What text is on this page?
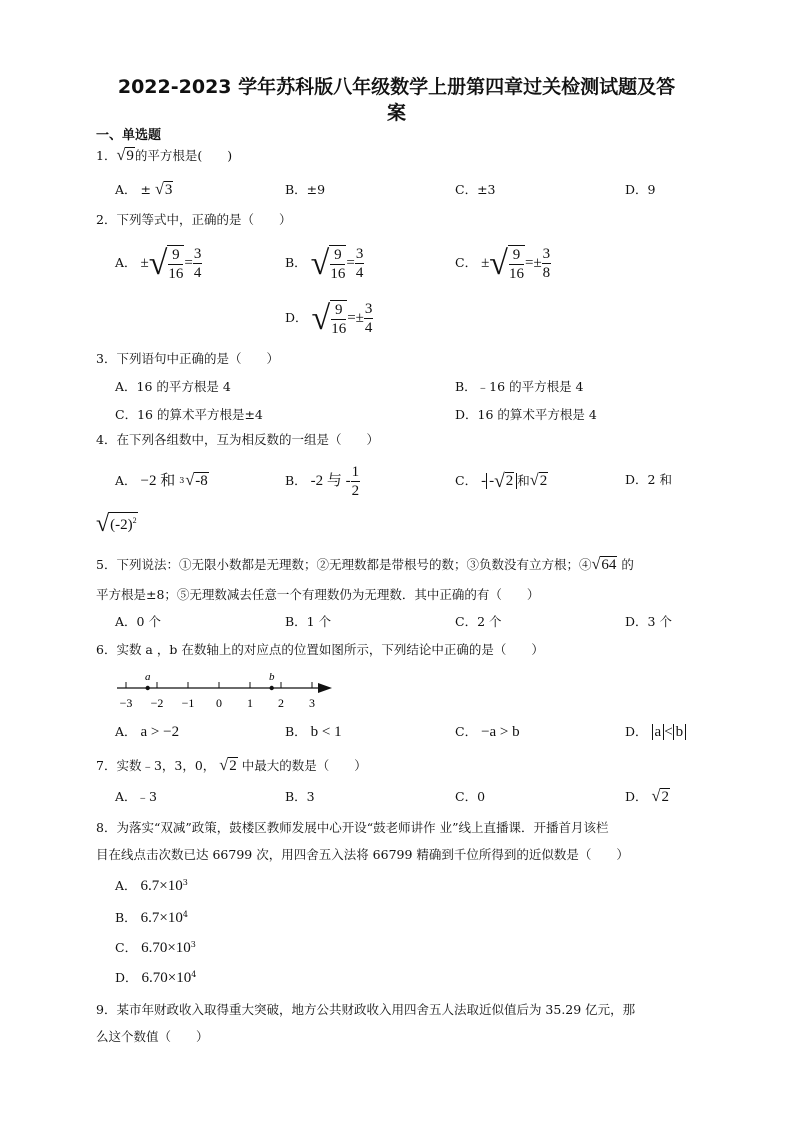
2022-2023 学年苏科版八年级数学上册第四章过关检测试题及答
案
一、单选题
1． √ 9 的平方根是(　　)
A． ± √ 3	B．±9	C．±3	D．9
2．下列等式中，正确的是（　　）
A． ± √ $\frac{9}{16} = \frac{3}{4}$	B． √ $\frac{9}{16} = \frac{3}{4}$	C． ± √ $\frac{9}{16} =\pm \frac{3}{8}$
D． √ $\frac{9}{16} =\pm \frac{3}{4}$
3．下列语句中正确的是（　　）
A．16 的平方根是 4	B．﹣16 的平方根是 4
C．16 的算术平方根是±4	D．16 的算术平方根是 4
4．在下列各组数中，互为相反数的一组是（　　）
A． −2 和 $^3$ √ -8	B． -2 与 - $\frac{1}{2}$	C． - - √ 2 和 √ 2	D．2 和
√ $(-2)^2$
5．下列说法：①无限小数都是无理数；②无理数都是带根号的数；③负数没有立方根；④ √ 64 的
平方根是±8；⑤无理数减去任意一个有理数仍为无理数．其中正确的有（　　）
A．0 个	B．1 个	C．2 个	D．3 个
6．实数 a ，b 在数轴上的对应点的位置如图所示，下列结论中正确的是（　　）
−3 −2 −1 0 1 2 3
a	b
A． a > −2	B． b < 1	C． −a > b	D． a < b
7．实数﹣3，3，0， √ 2 中最大的数是（　　）
A．﹣3	B．3	C．0	D． √ 2
8．为落实“双减”政策，鼓楼区教师发展中心开设“鼓老师讲作 业”线上直播课．开播首月该栏
目在线点击次数已达 66799 次，用四舍五入法将 66799 精确到千位所得到的近似数是（　　）
A． $6.7\times 10^3$
B． $6.7\times 10^4$
C． $6.70\times 10^3$
D． $6.70\times 10^4$
9．某市年财政收入取得重大突破，地方公共财政收入用四舍五人法取近似值后为 35.29 亿元，那
么这个数值（　　）
